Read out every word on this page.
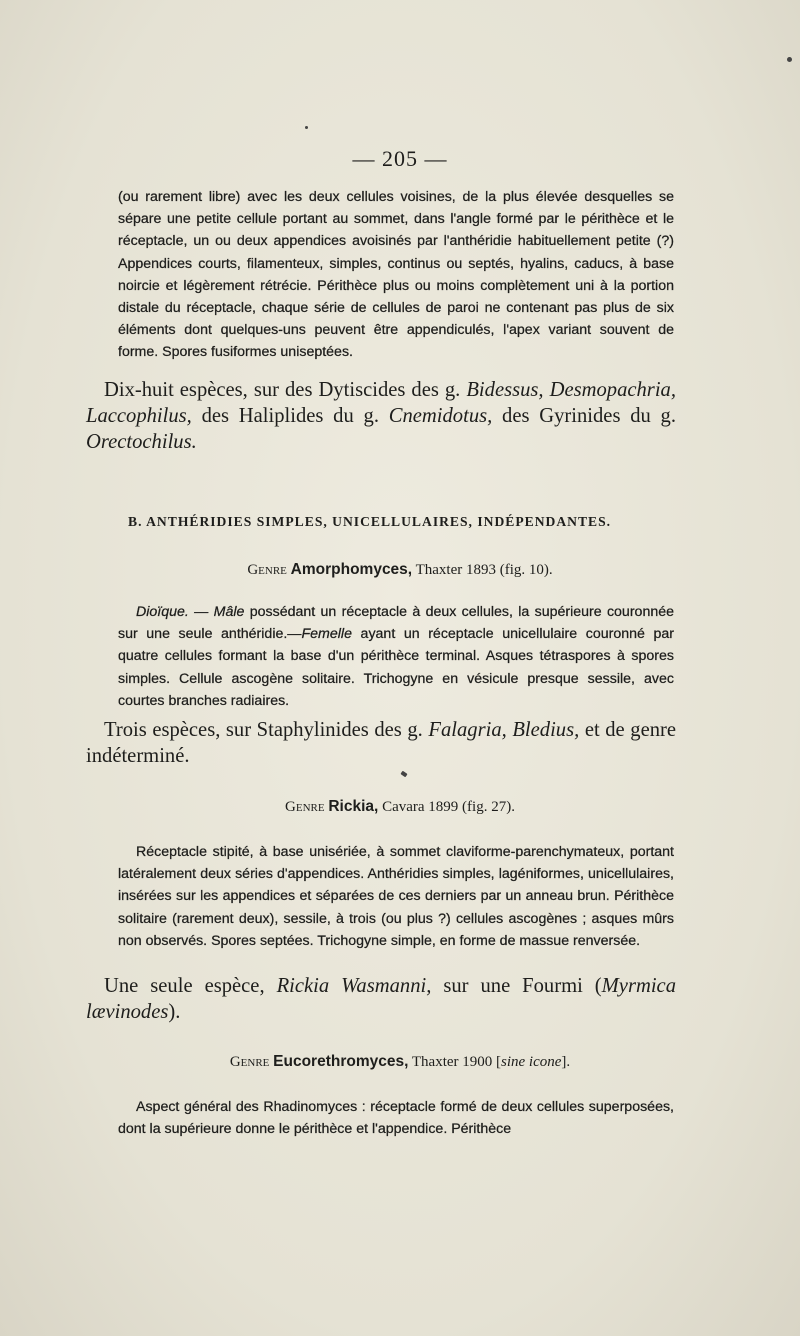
— 205 —
(ou rarement libre) avec les deux cellules voisines, de la plus élevée desquelles se sépare une petite cellule portant au sommet, dans l'angle formé par le périthèce et le réceptacle, un ou deux appendices avoisinés par l'anthéridie habituellement petite (?) Appendices courts, filamenteux, simples, continus ou septés, hyalins, caducs, à base noircie et légèrement rétrécie. Périthèce plus ou moins complètement uni à la portion distale du réceptacle, chaque série de cellules de paroi ne contenant pas plus de six éléments dont quelques-uns peuvent être appendiculés, l'apex variant souvent de forme. Spores fusiformes uniseptées.
Dix-huit espèces, sur des Dytiscides des g. Bidessus, Desmopachria, Laccophilus, des Haliplides du g. Cnemidotus, des Gyrinides du g. Orectochilus.
B. ANTHÉRIDIES SIMPLES, UNICELLULAIRES, INDÉPENDANTES.
Genre Amorphomyces, Thaxter 1893 (fig. 10).
Dioïque. — Mâle possédant un réceptacle à deux cellules, la supérieure couronnée sur une seule anthéridie.—Femelle ayant un réceptacle unicellulaire couronné par quatre cellules formant la base d'un périthèce terminal. Asques tétraspores à spores simples. Cellule ascogène solitaire. Trichogyne en vésicule presque sessile, avec courtes branches radiaires.
Trois espèces, sur Staphylinides des g. Falagria, Bledius, et de genre indéterminé.
Genre Rickia, Cavara 1899 (fig. 27).
Réceptacle stipité, à base unisériée, à sommet claviforme-parenchymateux, portant latéralement deux séries d'appendices. Anthéridies simples, lagéniformes, unicellulaires, insérées sur les appendices et séparées de ces derniers par un anneau brun. Périthèce solitaire (rarement deux), sessile, à trois (ou plus ?) cellules ascogènes ; asques mûrs non observés. Spores septées. Trichogyne simple, en forme de massue renversée.
Une seule espèce, Rickia Wasmanni, sur une Fourmi (Myrmica lævinodes).
Genre Eucorethromyces, Thaxter 1900 [sine icone].
Aspect général des Rhadinomyces : réceptacle formé de deux cellules superposées, dont la supérieure donne le périthèce et l'appendice. Périthèce
